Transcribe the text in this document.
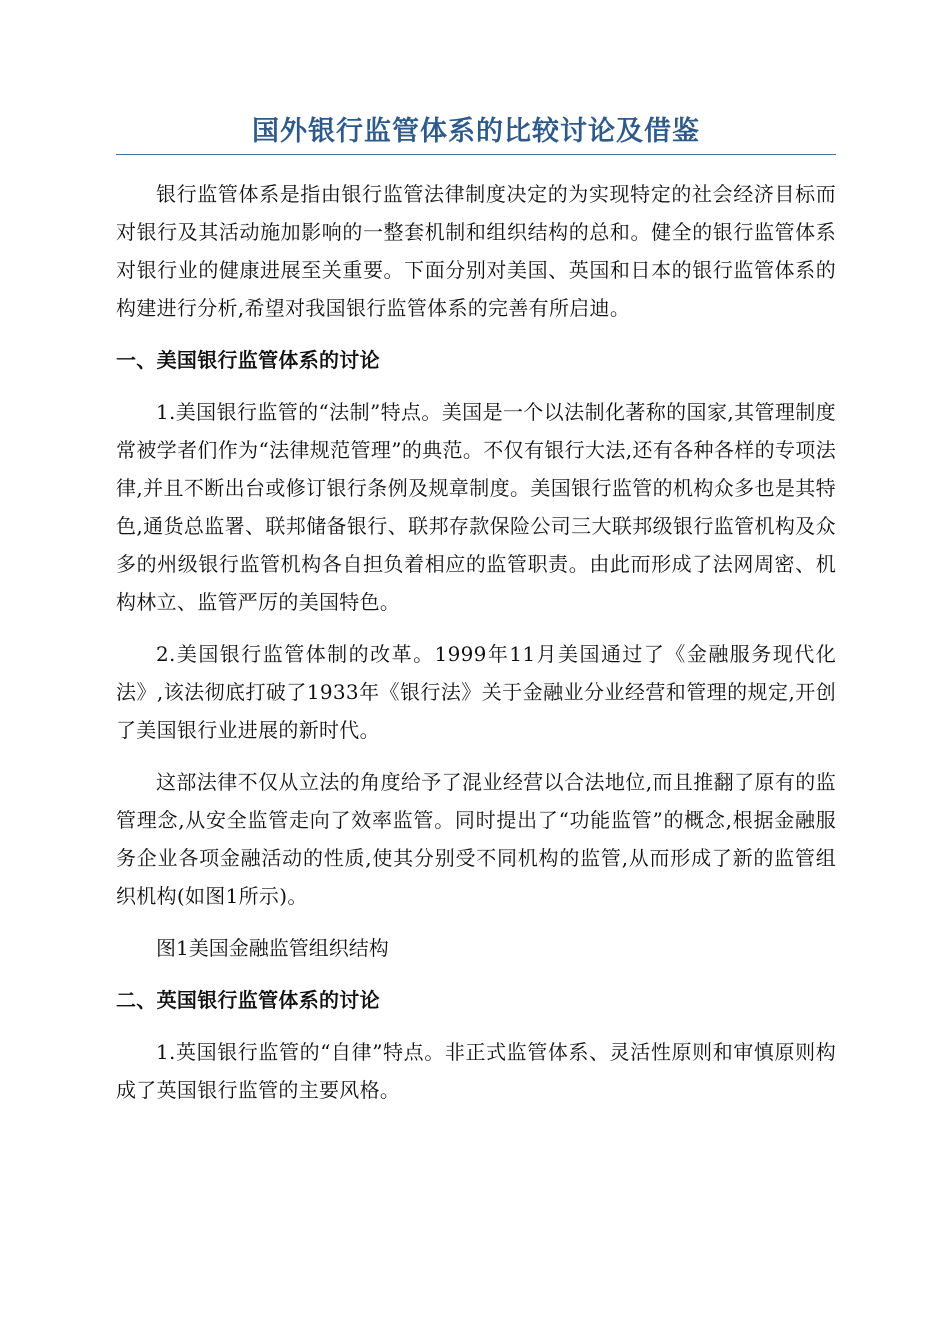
国外银行监管体系的比较讨论及借鉴

银行监管体系是指由银行监管法律制度决定的为实现特定的社会经济目标而对银行及其活动施加影响的一整套机制和组织结构的总和。健全的银行监管体系对银行业的健康进展至关重要。下面分别对美国、英国和日本的银行监管体系的构建进行分析,希望对我国银行监管体系的完善有所启迪。

一、美国银行监管体系的讨论

1.美国银行监管的“法制”特点。美国是一个以法制化著称的国家,其管理制度常被学者们作为“法律规范管理”的典范。不仅有银行大法,还有各种各样的专项法律,并且不断出台或修订银行条例及规章制度。美国银行监管的机构众多也是其特色,通货总监署、联邦储备银行、联邦存款保险公司三大联邦级银行监管机构及众多的州级银行监管机构各自担负着相应的监管职责。由此而形成了法网周密、机构林立、监管严厉的美国特色。

2.美国银行监管体制的改革。1999年11月美国通过了《金融服务现代化法》,该法彻底打破了1933年《银行法》关于金融业分业经营和管理的规定,开创了美国银行业进展的新时代。

这部法律不仅从立法的角度给予了混业经营以合法地位,而且推翻了原有的监管理念,从安全监管走向了效率监管。同时提出了“功能监管”的概念,根据金融服务企业各项金融活动的性质,使其分别受不同机构的监管,从而形成了新的监管组织机构(如图1所示)。

图1美国金融监管组织结构

二、英国银行监管体系的讨论

1.英国银行监管的“自律”特点。非正式监管体系、灵活性原则和审慎原则构成了英国银行监管的主要风格。
